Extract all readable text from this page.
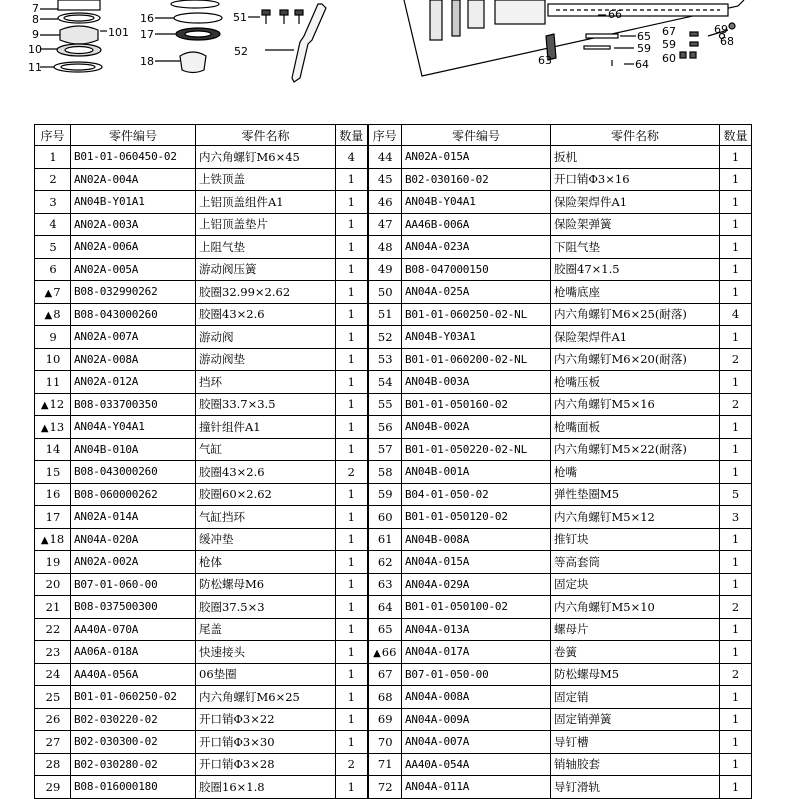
7
8
9
10
11
101
16
17
18
51
52
66
65
59
64
63
67
59
60
69
68
序号	零件编号	零件名称	数量	序号	零件编号	零件名称	数量
1	B01-01-060450-02	内六角螺钉M6×45	4	44	AN02A-015A	扳机	1
2	AN02A-004A	上铁顶盖	1	45	B02-030160-02	开口销Φ3×16	1
3	AN04B-Y01A1	上铝顶盖组件A1	1	46	AN04B-Y04A1	保险架焊件A1	1
4	AN02A-003A	上铝顶盖垫片	1	47	AA46B-006A	保险架弹簧	1
5	AN02A-006A	上阻气垫	1	48	AN04A-023A	下阻气垫	1
6	AN02A-005A	游动阀压簧	1	49	B08-047000150	胶圈47×1.5	1
▲7	B08-032990262	胶圈32.99×2.62	1	50	AN04A-025A	枪嘴底座	1
▲8	B08-043000260	胶圈43×2.6	1	51	B01-01-060250-02-NL	内六角螺钉M6×25(耐落)	4
9	AN02A-007A	游动阀	1	52	AN04B-Y03A1	保险架焊件A1	1
10	AN02A-008A	游动阀垫	1	53	B01-01-060200-02-NL	内六角螺钉M6×20(耐落)	2
11	AN02A-012A	挡环	1	54	AN04B-003A	枪嘴压板	1
▲12	B08-033700350	胶圈33.7×3.5	1	55	B01-01-050160-02	内六角螺钉M5×16	2
▲13	AN04A-Y04A1	撞针组件A1	1	56	AN04B-002A	枪嘴面板	1
14	AN04B-010A	气缸	1	57	B01-01-050220-02-NL	内六角螺钉M5×22(耐落)	1
15	B08-043000260	胶圈43×2.6	2	58	AN04B-001A	枪嘴	1
16	B08-060000262	胶圈60×2.62	1	59	B04-01-050-02	弹性垫圈M5	5
17	AN02A-014A	气缸挡环	1	60	B01-01-050120-02	内六角螺钉M5×12	3
▲18	AN04A-020A	缓冲垫	1	61	AN04B-008A	推钉块	1
19	AN02A-002A	枪体	1	62	AN04A-015A	等高套筒	1
20	B07-01-060-00	防松螺母M6	1	63	AN04A-029A	固定块	1
21	B08-037500300	胶圈37.5×3	1	64	B01-01-050100-02	内六角螺钉M5×10	2
22	AA40A-070A	尾盖	1	65	AN04A-013A	螺母片	1
23	AA06A-018A	快速接头	1	▲66	AN04A-017A	卷簧	1
24	AA40A-056A	06垫圈	1	67	B07-01-050-00	防松螺母M5	2
25	B01-01-060250-02	内六角螺钉M6×25	1	68	AN04A-008A	固定销	1
26	B02-030220-02	开口销Φ3×22	1	69	AN04A-009A	固定销弹簧	1
27	B02-030300-02	开口销Φ3×30	1	70	AN04A-007A	导钉槽	1
28	B02-030280-02	开口销Φ3×28	2	71	AA40A-054A	销轴胶套	1
29	B08-016000180	胶圈16×1.8	1	72	AN04A-011A	导钉滑轨	1
